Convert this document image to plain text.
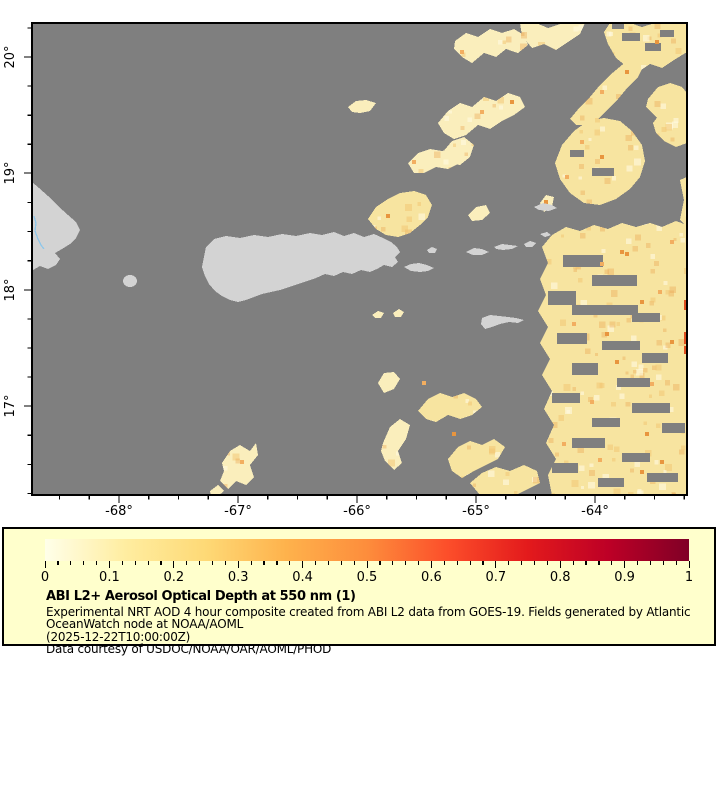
-68°	-67°	-66°	-65°	-64°
20°
19°
18°
17°
0	0.1	0.2	0.3	0.4	0.5	0.6	0.7	0.8	0.9	1
ABI L2+ Aerosol Optical Depth at 550 nm (1)
Experimental NRT AOD 4 hour composite created from ABI L2 data from GOES-19. Fields generated by Atlantic
OceanWatch node at NOAA/AOML
(2025-12-22T10:00:00Z)
Data courtesy of USDOC/NOAA/OAR/AOML/PHOD
